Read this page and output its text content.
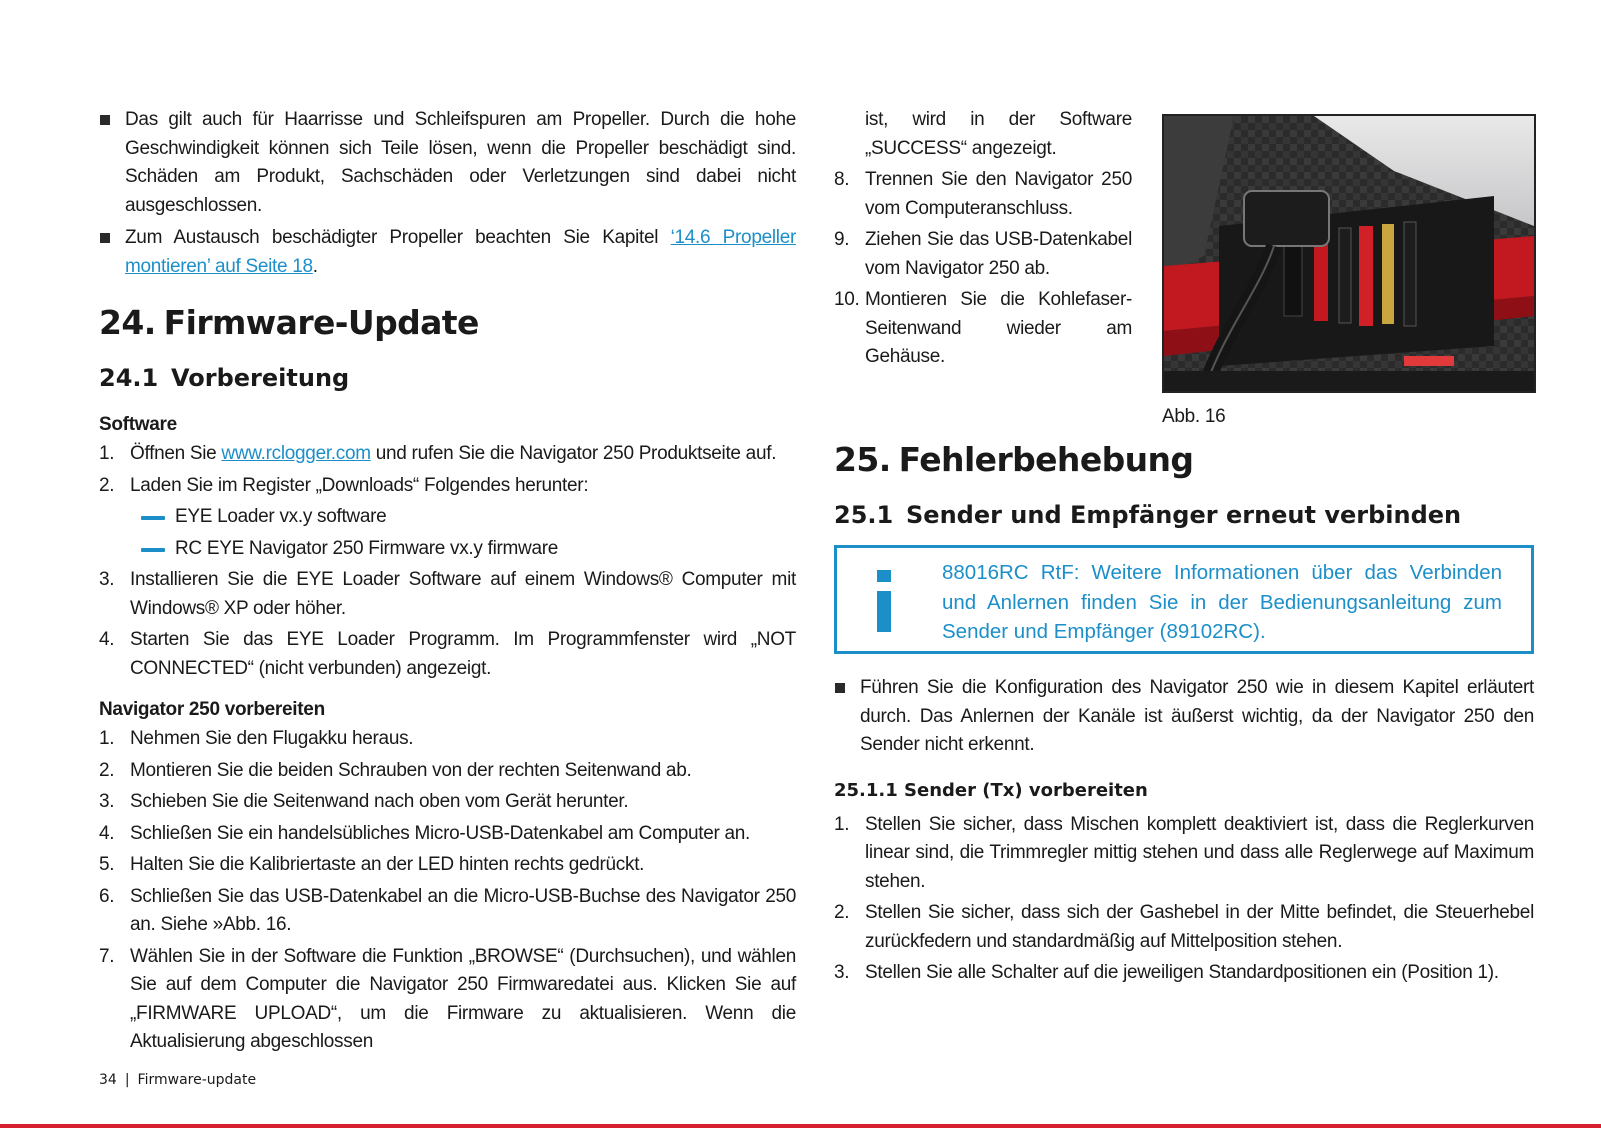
Das gilt auch für Haarrisse und Schleifspuren am Propeller. Durch die hohe Geschwindigkeit können sich Teile lösen, wenn die Propeller beschädigt sind. Schäden am Produkt, Sachschäden oder Verletzungen sind dabei nicht ausgeschlossen.
Zum Austausch beschädigter Propeller beachten Sie Kapitel ‘14.6 Propeller montieren’ auf Seite 18.
24. Firmware-Update
24.1 Vorbereitung

Software

1. Öffnen Sie www.rclogger.com und rufen Sie die Navigator 250 Produktseite auf.
2. Laden Sie im Register „Downloads“ Folgendes herunter:
EYE Loader vx.y software
RC EYE Navigator 250 Firmware vx.y firmware
3. Installieren Sie die EYE Loader Software auf einem Windows® Computer mit Windows® XP oder höher.
4. Starten Sie das EYE Loader Programm. Im Programmfenster wird „NOT CONNECTED“ (nicht verbunden) angezeigt.

Navigator 250 vorbereiten

1. Nehmen Sie den Flugakku heraus.
2. Montieren Sie die beiden Schrauben von der rechten Seitenwand ab.
3. Schieben Sie die Seitenwand nach oben vom Gerät herunter.
4. Schließen Sie ein handelsübliches Micro-USB-Datenkabel am Computer an.
5. Halten Sie die Kalibriertaste an der LED hinten rechts gedrückt.
6. Schließen Sie das USB-Datenkabel an die Micro-USB-Buchse des Navigator 250 an. Siehe »Abb. 16.
7. Wählen Sie in der Software die Funktion „BROWSE“ (Durchsuchen), und wählen Sie auf dem Computer die Navigator 250 Firmwaredatei aus. Klicken Sie auf „FIRMWARE UPLOAD“, um die Firmware zu aktualisieren. Wenn die Aktualisierung abgeschlossen

ist, wird in der Software „SUCCESS“ angezeigt.

8. Trennen Sie den Navigator 250 vom Computeranschluss.
9. Ziehen Sie das USB-Datenkabel vom Navigator 250 ab.
10. Montieren Sie die Kohlefaser-Seitenwand wieder am Gehäuse.
Abb. 16
25. Fehlerbehebung
25.1 Sender und Empfänger erneut verbinden
88016RC RtF: Weitere Informationen über das Verbinden und Anlernen finden Sie in der Bedienungsanleitung zum Sender und Empfänger (89102RC).
Führen Sie die Konfiguration des Navigator 250 wie in diesem Kapitel erläutert durch. Das Anlernen der Kanäle ist äußerst wichtig, da der Navigator 250 den Sender nicht erkennt.
25.1.1 Sender (Tx) vorbereiten
1. Stellen Sie sicher, dass Mischen komplett deaktiviert ist, dass die Reglerkurven linear sind, die Trimmregler mittig stehen und dass alle Reglerwege auf Maximum stehen.
2. Stellen Sie sicher, dass sich der Gashebel in der Mitte befindet, die Steuerhebel zurückfedern und standardmäßig auf Mittelposition stehen.
3. Stellen Sie alle Schalter auf die jeweiligen Standardpositionen ein (Position 1).
34 | Firmware-update
